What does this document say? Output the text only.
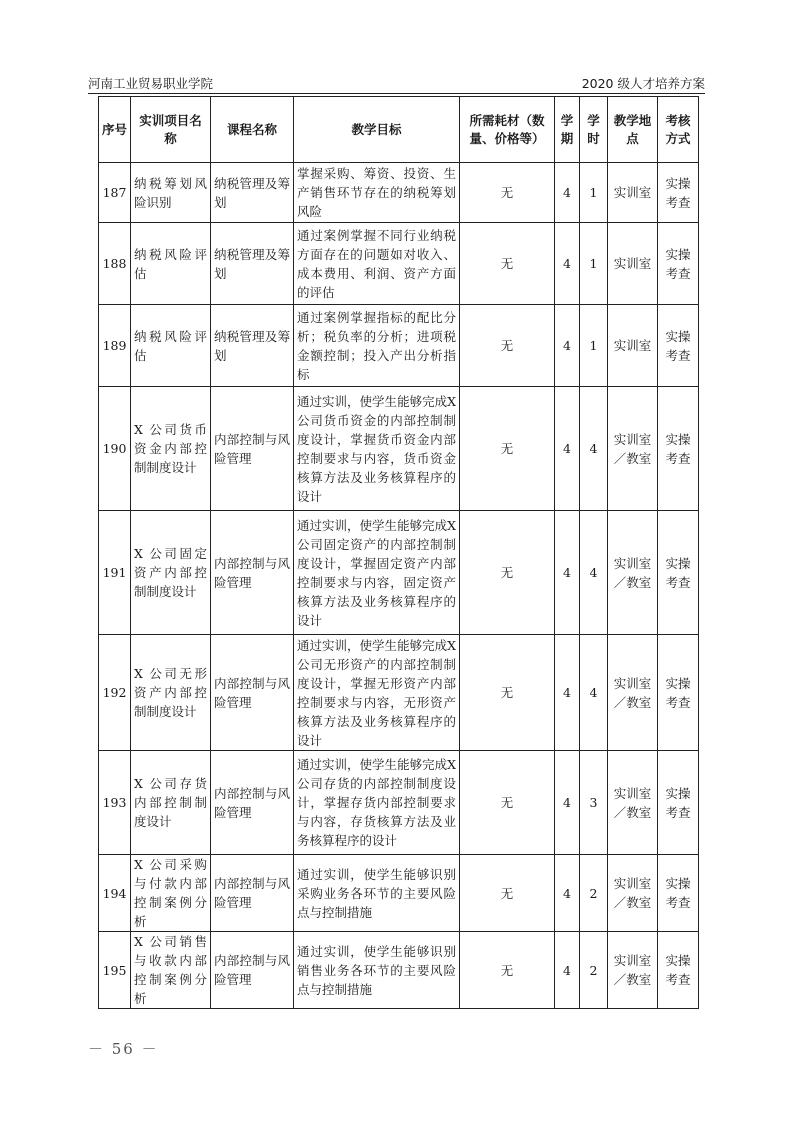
河南工业贸易职业学院	2020 级人才培养方案
序号	实训项目名称	课程名称	教学目标	所需耗材（数量、价格等）	学期	学时	教学地点	考核方式
187	纳税筹划风险识别	纳税管理及筹划	掌握采购、筹资、投资、生产销售环节存在的纳税筹划风险	无	4	1	实训室	实操考查
188	纳税风险评估	纳税管理及筹划	通过案例掌握不同行业纳税方面存在的问题如对收入、成本费用、利润、资产方面的评估	无	4	1	实训室	实操考查
189	纳税风险评估	纳税管理及筹划	通过案例掌握指标的配比分析；税负率的分析；进项税金额控制；投入产出分析指标	无	4	1	实训室	实操考查
190	X 公司货币资金内部控制制度设计	内部控制与风险管理	通过实训，使学生能够完成X公司货币资金的内部控制制度设计，掌握货币资金内部控制要求与内容，货币资金核算方法及业务核算程序的设计	无	4	4	实训室／教室	实操考查
191	X 公司固定资产内部控制制度设计	内部控制与风险管理	通过实训，使学生能够完成X公司固定资产的内部控制制度设计，掌握固定资产内部控制要求与内容，固定资产核算方法及业务核算程序的设计	无	4	4	实训室／教室	实操考查
192	X 公司无形资产内部控制制度设计	内部控制与风险管理	通过实训，使学生能够完成X公司无形资产的内部控制制度设计，掌握无形资产内部控制要求与内容，无形资产核算方法及业务核算程序的设计	无	4	4	实训室／教室	实操考查
193	X 公司存货内部控制制度设计	内部控制与风险管理	通过实训，使学生能够完成X公司存货的内部控制制度设计，掌握存货内部控制要求与内容，存货核算方法及业务核算程序的设计	无	4	3	实训室／教室	实操考查
194	X 公司采购与付款内部控制案例分析	内部控制与风险管理	通过实训，使学生能够识别采购业务各环节的主要风险点与控制措施	无	4	2	实训室／教室	实操考查
195	X 公司销售与收款内部控制案例分析	内部控制与风险管理	通过实训，使学生能够识别销售业务各环节的主要风险点与控制措施	无	4	2	实训室／教室	实操考查
－ 56 －
